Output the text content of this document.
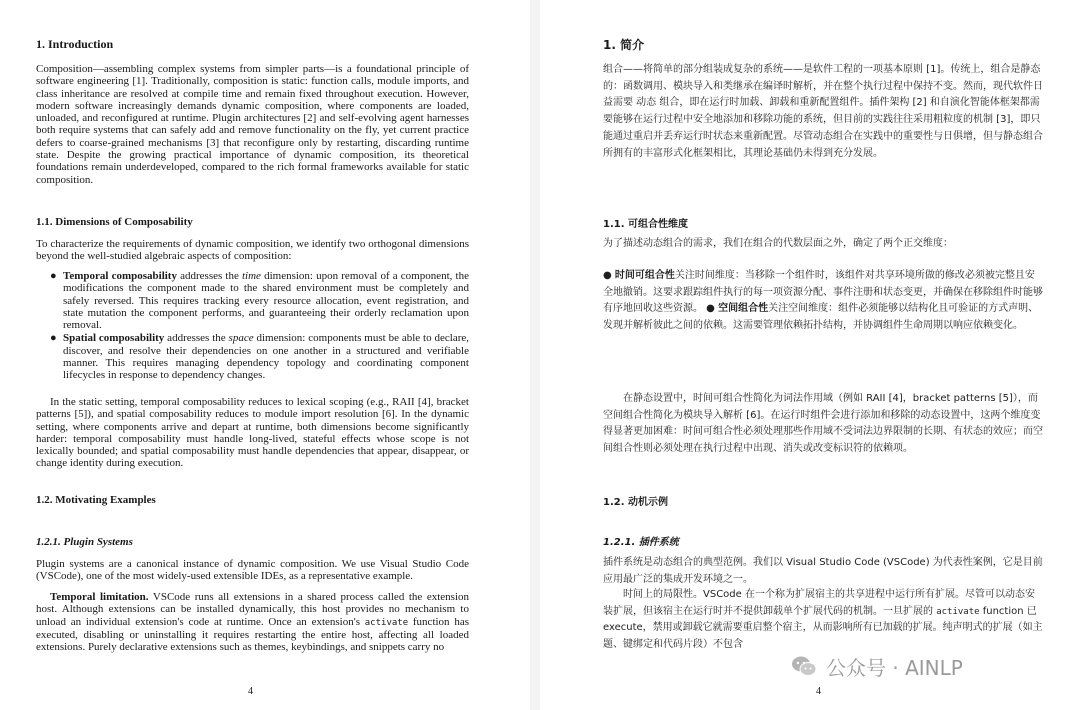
1. Introduction

Composition—assembling complex systems from simpler parts—is a foundational principle of software engineering [1]. Traditionally, composition is static: function calls, module imports, and class inheritance are resolved at compile time and remain fixed throughout execution. However, modern software increasingly demands dynamic composition, where components are loaded, unloaded, and reconfigured at runtime. Plugin architectures [2] and self-evolving agent harnesses both require systems that can safely add and remove functionality on the fly, yet current practice defers to coarse-grained mechanisms [3] that reconfigure only by restarting, discarding runtime state. Despite the growing practical importance of dynamic composition, its theoretical foundations remain underdeveloped, compared to the rich formal frameworks available for static composition.

1.1. Dimensions of Composability

To characterize the requirements of dynamic composition, we identify two orthogonal dimensions beyond the well-studied algebraic aspects of composition:

● Temporal composability addresses the time dimension: upon removal of a component, the modifications the component made to the shared environment must be completely and safely reversed. This requires tracking every resource allocation, event registration, and state mutation the component performs, and guaranteeing their orderly reclamation upon removal.
● Spatial composability addresses the space dimension: components must be able to declare, discover, and resolve their dependencies on one another in a structured and verifiable manner. This requires managing dependency topology and coordinating component lifecycles in response to dependency changes.

In the static setting, temporal composability reduces to lexical scoping (e.g., RAII [4], bracket patterns [5]), and spatial composability reduces to module import resolution [6]. In the dynamic setting, where components arrive and depart at runtime, both dimensions become significantly harder: temporal composability must handle long-lived, stateful effects whose scope is not lexically bounded; and spatial composability must handle dependencies that appear, disappear, or change identity during execution.

1.2. Motivating Examples
1.2.1. Plugin Systems

Plugin systems are a canonical instance of dynamic composition. We use Visual Studio Code (VSCode), one of the most widely-used extensible IDEs, as a representative example.

Temporal limitation. VSCode runs all extensions in a shared process called the extension host. Although extensions can be installed dynamically, this host provides no mechanism to unload an individual extension's code at runtime. Once an extension's activate function has executed, disabling or uninstalling it requires restarting the entire host, affecting all loaded extensions. Purely declarative extensions such as themes, keybindings, and snippets carry no

4
1. 简介

组合——将简单的部分组装成复杂的系统——是软件工程的一项基本原则 [1]。传统上，组合是静态的：函数调用、模块导入和类继承在编译时解析，并在整个执行过程中保持不变。然而，现代软件日益需要 动态 组合，即在运行时加载、卸载和重新配置组件。插件架构 [2] 和自演化智能体框架都需要能够在运行过程中安全地添加和移除功能的系统，但目前的实践往往采用粗粒度的机制 [3]，即只能通过重启并丢弃运行时状态来重新配置。尽管动态组合在实践中的重要性与日俱增，但与静态组合所拥有的丰富形式化框架相比，其理论基础仍未得到充分发展。

1.1. 可组合性维度

为了描述动态组合的需求，我们在组合的代数层面之外，确定了两个正交维度：

● 时间可组合性关注时间维度：当移除一个组件时，该组件对共享环境所做的修改必须被完整且安全地撤销。这要求跟踪组件执行的每一项资源分配、事件注册和状态变更，并确保在移除组件时能够有序地回收这些资源。 ● 空间组合性关注空间维度：组件必须能够以结构化且可验证的方式声明、发现并解析彼此之间的依赖。这需要管理依赖拓扑结构，并协调组件生命周期以响应依赖变化。

在静态设置中，时间可组合性简化为词法作用域（例如 RAII [4]，bracket patterns [5]），而空间组合性简化为模块导入解析 [6]。在运行时组件会进行添加和移除的动态设置中，这两个维度变得显著更加困难：时间可组合性必须处理那些作用域不受词法边界限制的长期、有状态的效应；而空间组合性则必须处理在执行过程中出现、消失或改变标识符的依赖项。

1.2. 动机示例
1.2.1. 插件系统

插件系统是动态组合的典型范例。我们以 Visual Studio Code (VSCode) 为代表性案例，它是目前应用最广泛的集成开发环境之一。

时间上的局限性。VSCode 在一个称为扩展宿主的共享进程中运行所有扩展。尽管可以动态安装扩展，但该宿主在运行时并不提供卸载单个扩展代码的机制。一旦扩展的 activate function 已 execute，禁用或卸载它就需要重启整个宿主，从而影响所有已加载的扩展。纯声明式的扩展（如主题、键绑定和代码片段）不包含

4
公众号 · AINLP
